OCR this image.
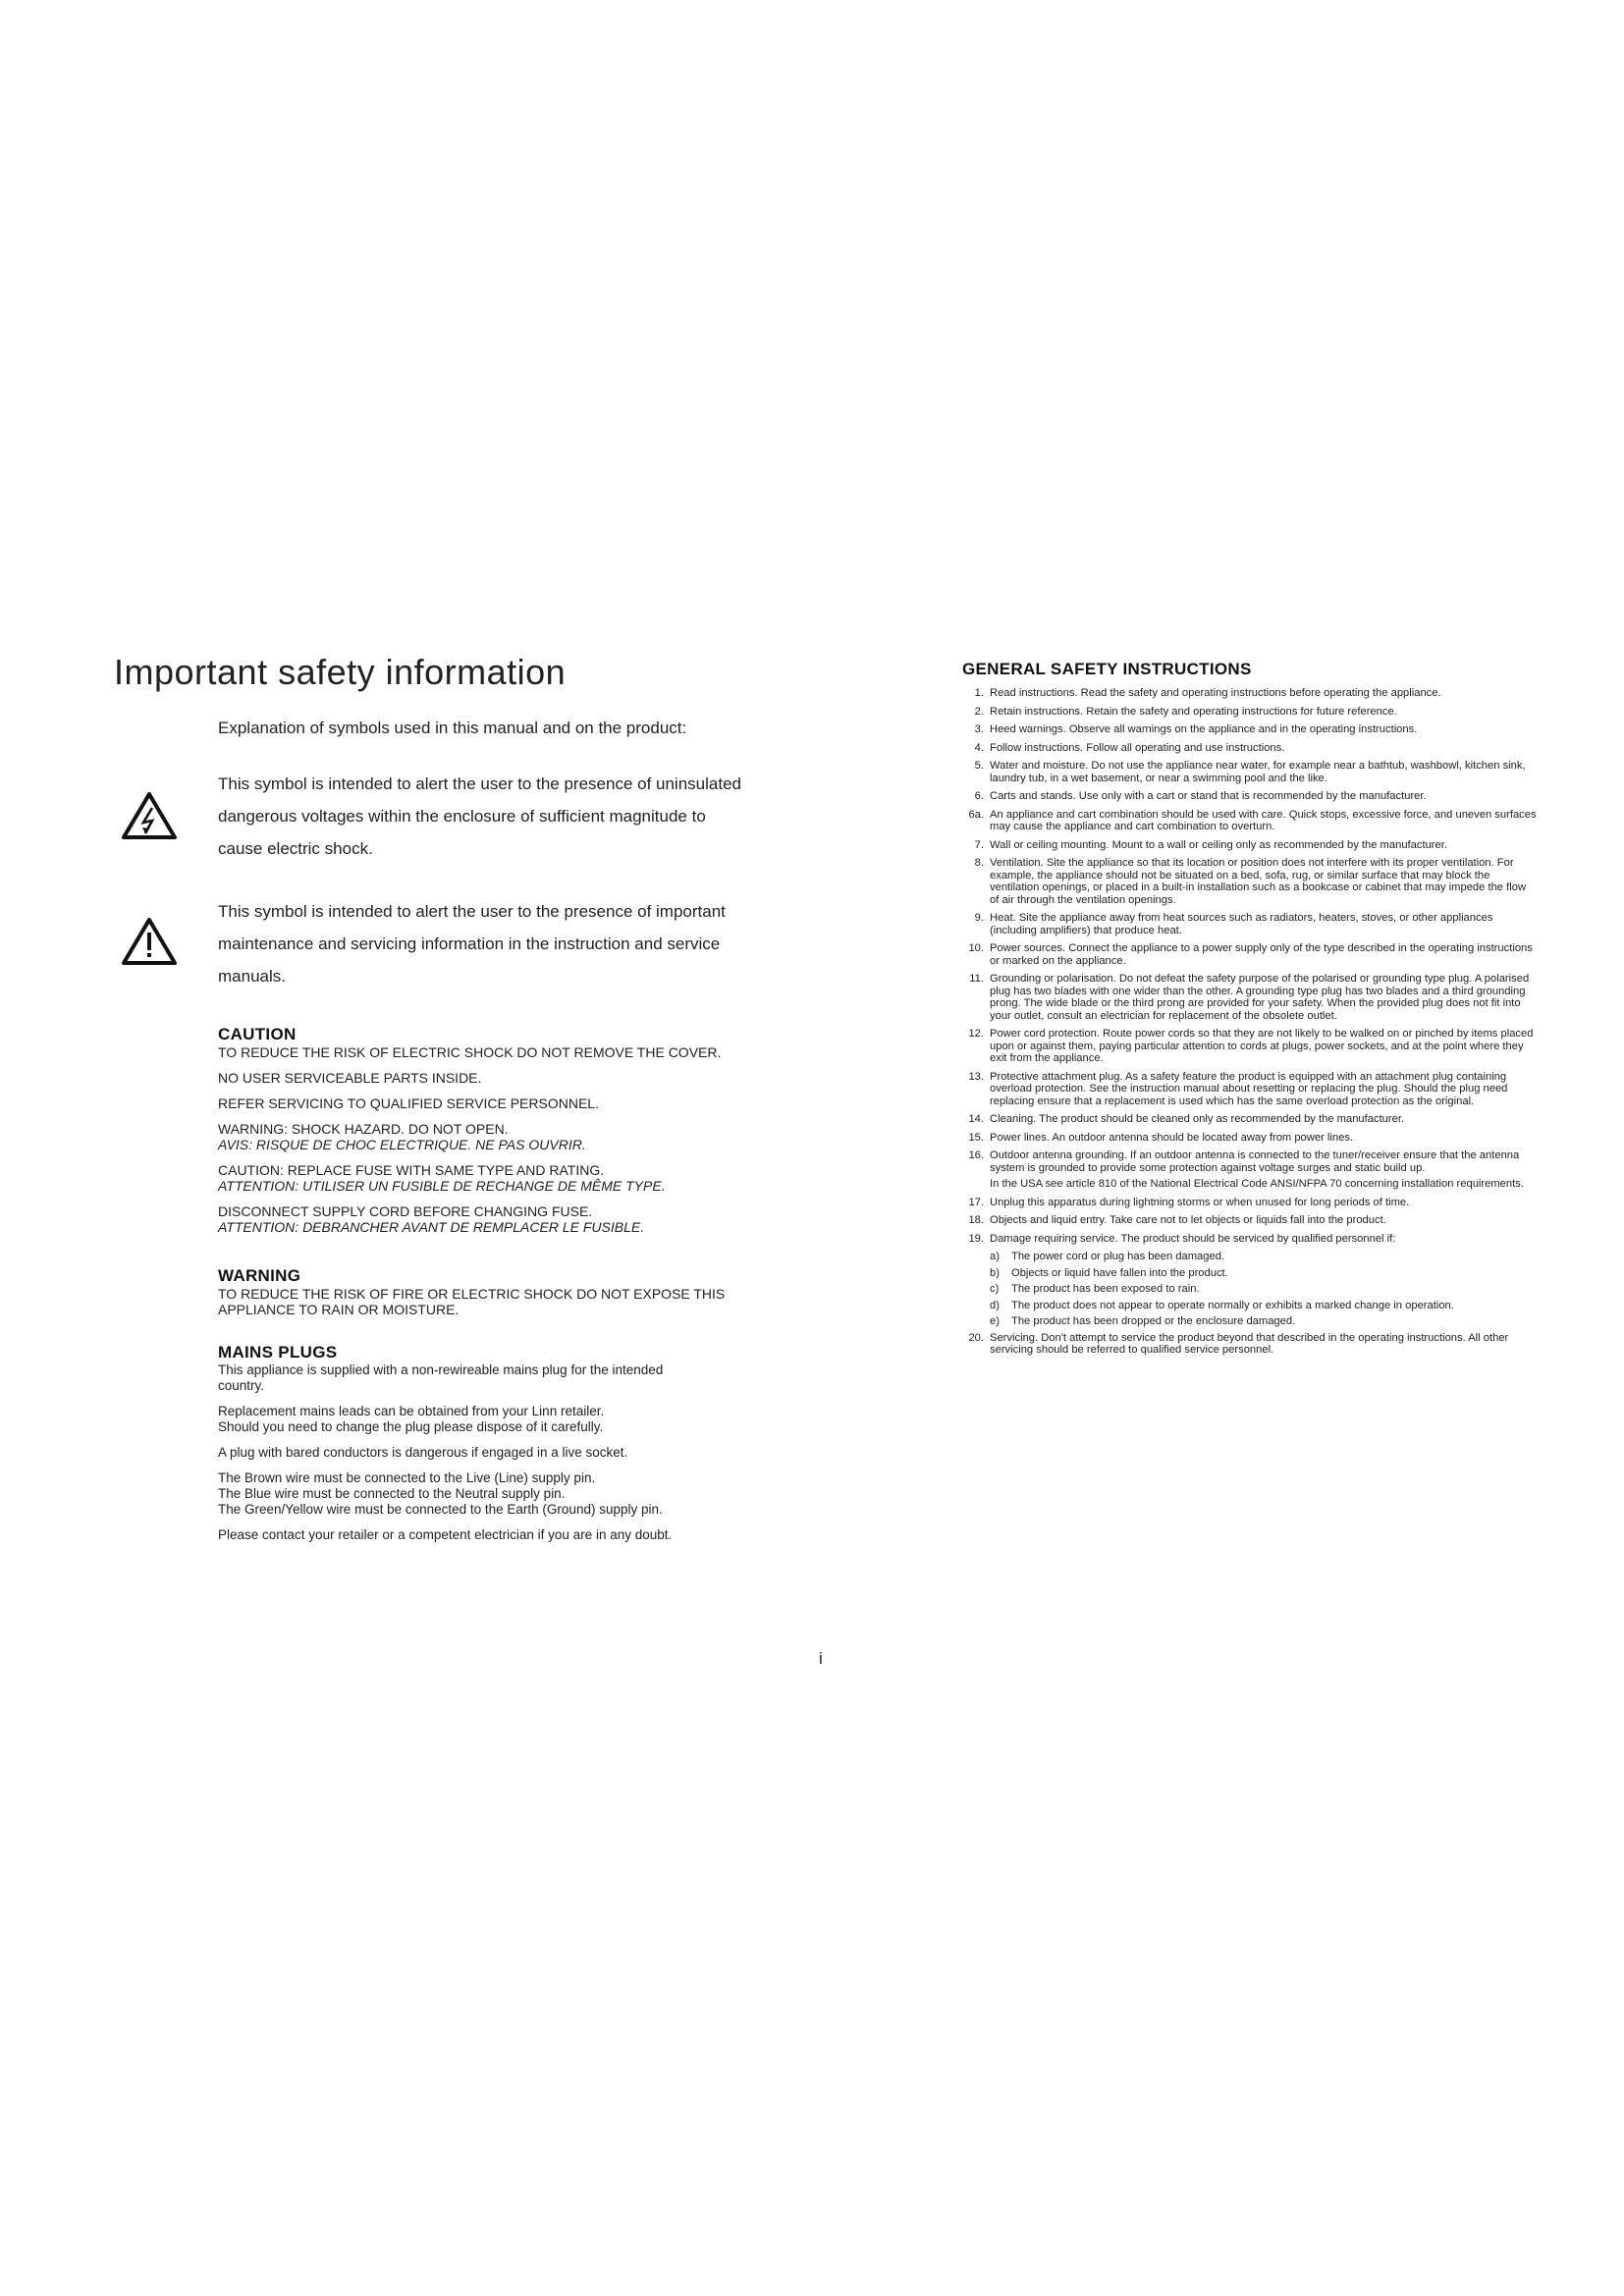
Important safety information
Explanation of symbols used in this manual and on the product:
This symbol is intended to alert the user to the presence of uninsulated
dangerous voltages within the enclosure of sufficient magnitude to
cause electric shock.
This symbol is intended to alert the user to the presence of important
maintenance and servicing information in the instruction and service
manuals.
CAUTION

TO REDUCE THE RISK OF ELECTRIC SHOCK DO NOT REMOVE THE COVER.

NO USER SERVICEABLE PARTS INSIDE.

REFER SERVICING TO QUALIFIED SERVICE PERSONNEL.

WARNING: SHOCK HAZARD. DO NOT OPEN.
AVIS: RISQUE DE CHOC ELECTRIQUE. NE PAS OUVRIR.

CAUTION: REPLACE FUSE WITH SAME TYPE AND RATING.
ATTENTION: UTILISER UN FUSIBLE DE RECHANGE DE MÊME TYPE.

DISCONNECT SUPPLY CORD BEFORE CHANGING FUSE.
ATTENTION: DEBRANCHER AVANT DE REMPLACER LE FUSIBLE.

WARNING

TO REDUCE THE RISK OF FIRE OR ELECTRIC SHOCK DO NOT EXPOSE THIS
APPLIANCE TO RAIN OR MOISTURE.

MAINS PLUGS

This appliance is supplied with a non-rewireable mains plug for the intended
country.

Replacement mains leads can be obtained from your Linn retailer.
Should you need to change the plug please dispose of it carefully.

A plug with bared conductors is dangerous if engaged in a live socket.

The Brown wire must be connected to the Live (Line) supply pin.
The Blue wire must be connected to the Neutral supply pin.
The Green/Yellow wire must be connected to the Earth (Ground) supply pin.

Please contact your retailer or a competent electrician if you are in any doubt.

GENERAL SAFETY INSTRUCTIONS
1. Read instructions. Read the safety and operating instructions before operating the appliance.
2. Retain instructions. Retain the safety and operating instructions for future reference.
3. Heed warnings. Observe all warnings on the appliance and in the operating instructions.
4. Follow instructions. Follow all operating and use instructions.
5. Water and moisture. Do not use the appliance near water, for example near a bathtub, washbowl, kitchen sink, laundry tub, in a wet basement, or near a swimming pool and the like.
6. Carts and stands. Use only with a cart or stand that is recommended by the manufacturer.
6a. An appliance and cart combination should be used with care. Quick stops, excessive force, and uneven surfaces may cause the appliance and cart combination to overturn.
7. Wall or ceiling mounting. Mount to a wall or ceiling only as recommended by the manufacturer.
8. Ventilation. Site the appliance so that its location or position does not interfere with its proper ventilation. For example, the appliance should not be situated on a bed, sofa, rug, or similar surface that may block the ventilation openings, or placed in a built-in installation such as a bookcase or cabinet that may impede the flow of air through the ventilation openings.
9. Heat. Site the appliance away from heat sources such as radiators, heaters, stoves, or other appliances (including amplifiers) that produce heat.
10. Power sources. Connect the appliance to a power supply only of the type described in the operating instructions or marked on the appliance.
11. Grounding or polarisation. Do not defeat the safety purpose of the polarised or grounding type plug. A polarised plug has two blades with one wider than the other. A grounding type plug has two blades and a third grounding prong. The wide blade or the third prong are provided for your safety. When the provided plug does not fit into your outlet, consult an electrician for replacement of the obsolete outlet.
12. Power cord protection. Route power cords so that they are not likely to be walked on or pinched by items placed upon or against them, paying particular attention to cords at plugs, power sockets, and at the point where they exit from the appliance.
13. Protective attachment plug. As a safety feature the product is equipped with an attachment plug containing overload protection. See the instruction manual about resetting or replacing the plug. Should the plug need replacing ensure that a replacement is used which has the same overload protection as the original.
14. Cleaning. The product should be cleaned only as recommended by the manufacturer.
15. Power lines. An outdoor antenna should be located away from power lines.
16. Outdoor antenna grounding. If an outdoor antenna is connected to the tuner/receiver ensure that the antenna system is grounded to provide some protection against voltage surges and static build up.
In the USA see article 810 of the National Electrical Code ANSI/NFPA 70 concerning installation requirements.
17. Unplug this apparatus during lightning storms or when unused for long periods of time.
18. Objects and liquid entry. Take care not to let objects or liquids fall into the product.
19. Damage requiring service. The product should be serviced by qualified personnel if:
a) The power cord or plug has been damaged.
b) Objects or liquid have fallen into the product.
c) The product has been exposed to rain.
d) The product does not appear to operate normally or exhibits a marked change in operation.
e) The product has been dropped or the enclosure damaged.
20. Servicing. Don't attempt to service the product beyond that described in the operating instructions. All other servicing should be referred to qualified service personnel.
i
